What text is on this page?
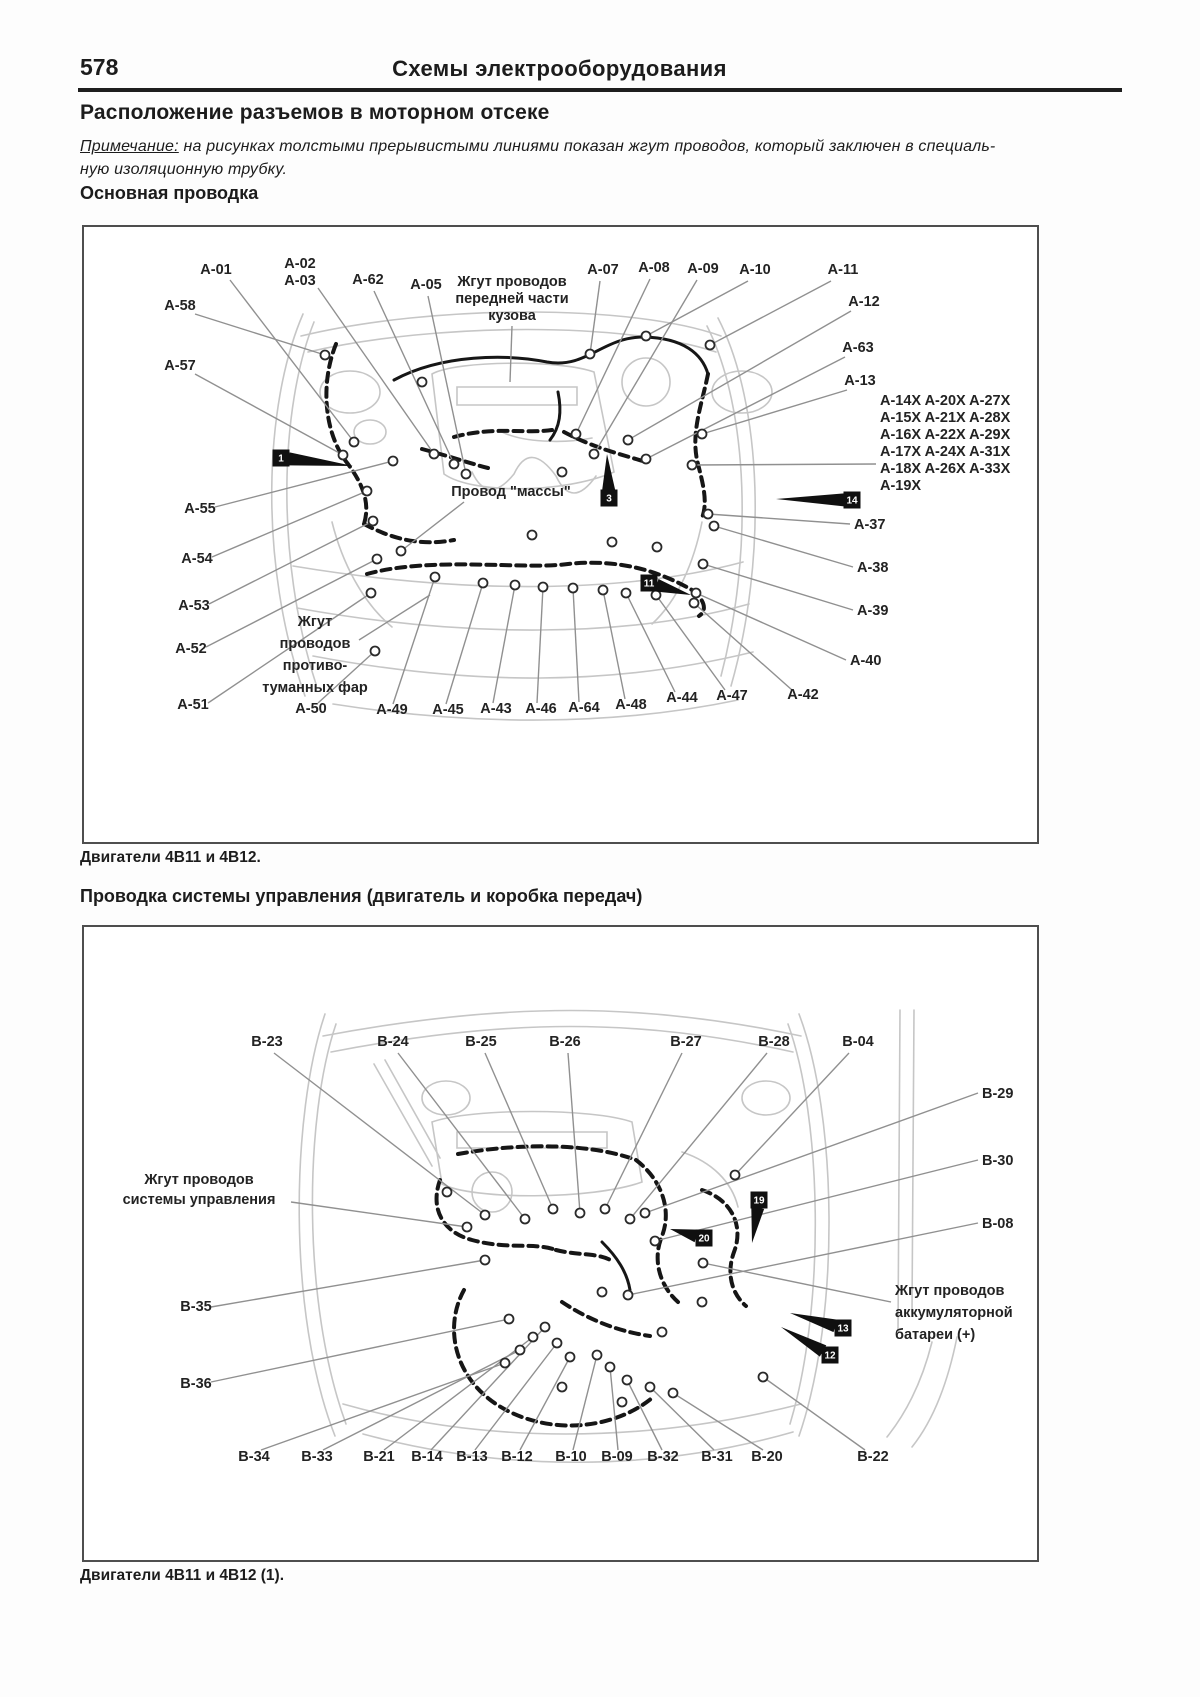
578	Схемы электрооборудования
Расположение разъемов в моторном отсеке
Примечание: на рисунках толстыми прерывистыми линиями показан жгут проводов, который заключен в специаль-
ную изоляционную трубку.
Основная проводка
1
3
11
14
A-01	A-02
A-03	A-62 A-05 Жгут проводов
передней части
кузова
A-07 A-08 A-09 A-10	A-11
A-12
A-63
A-13
A-14X A-20X A-27X
A-15X A-21X A-28X
A-16X A-22X A-29X
A-17X A-24X A-31X
A-18X A-26X A-33X
A-19X
A-37
A-38
A-39
A-40
A-42
A-47
A-44
A-48
A-64
A-46
A-43
A-45
A-49
A-50
Жгут
проводов
противо-
туманных фар
A-51
A-52
A-53
A-54
A-55
A-57
A-58
Провод "массы"
Двигатели 4B11 и 4B12.
Проводка системы управления (двигатель и коробка передач)
19
20
13
12
B-23	B-24	B-25	B-26	B-27	B-28	B-04
B-29
B-30
B-08
Жгут проводов
аккумуляторной
батареи (+)
Жгут проводов
системы управления
B-35
B-36
B-34 B-33 B-21 B-14 B-13 B-12 B-10 B-09 B-32 B-31 B-20	B-22
Двигатели 4B11 и 4B12 (1).
